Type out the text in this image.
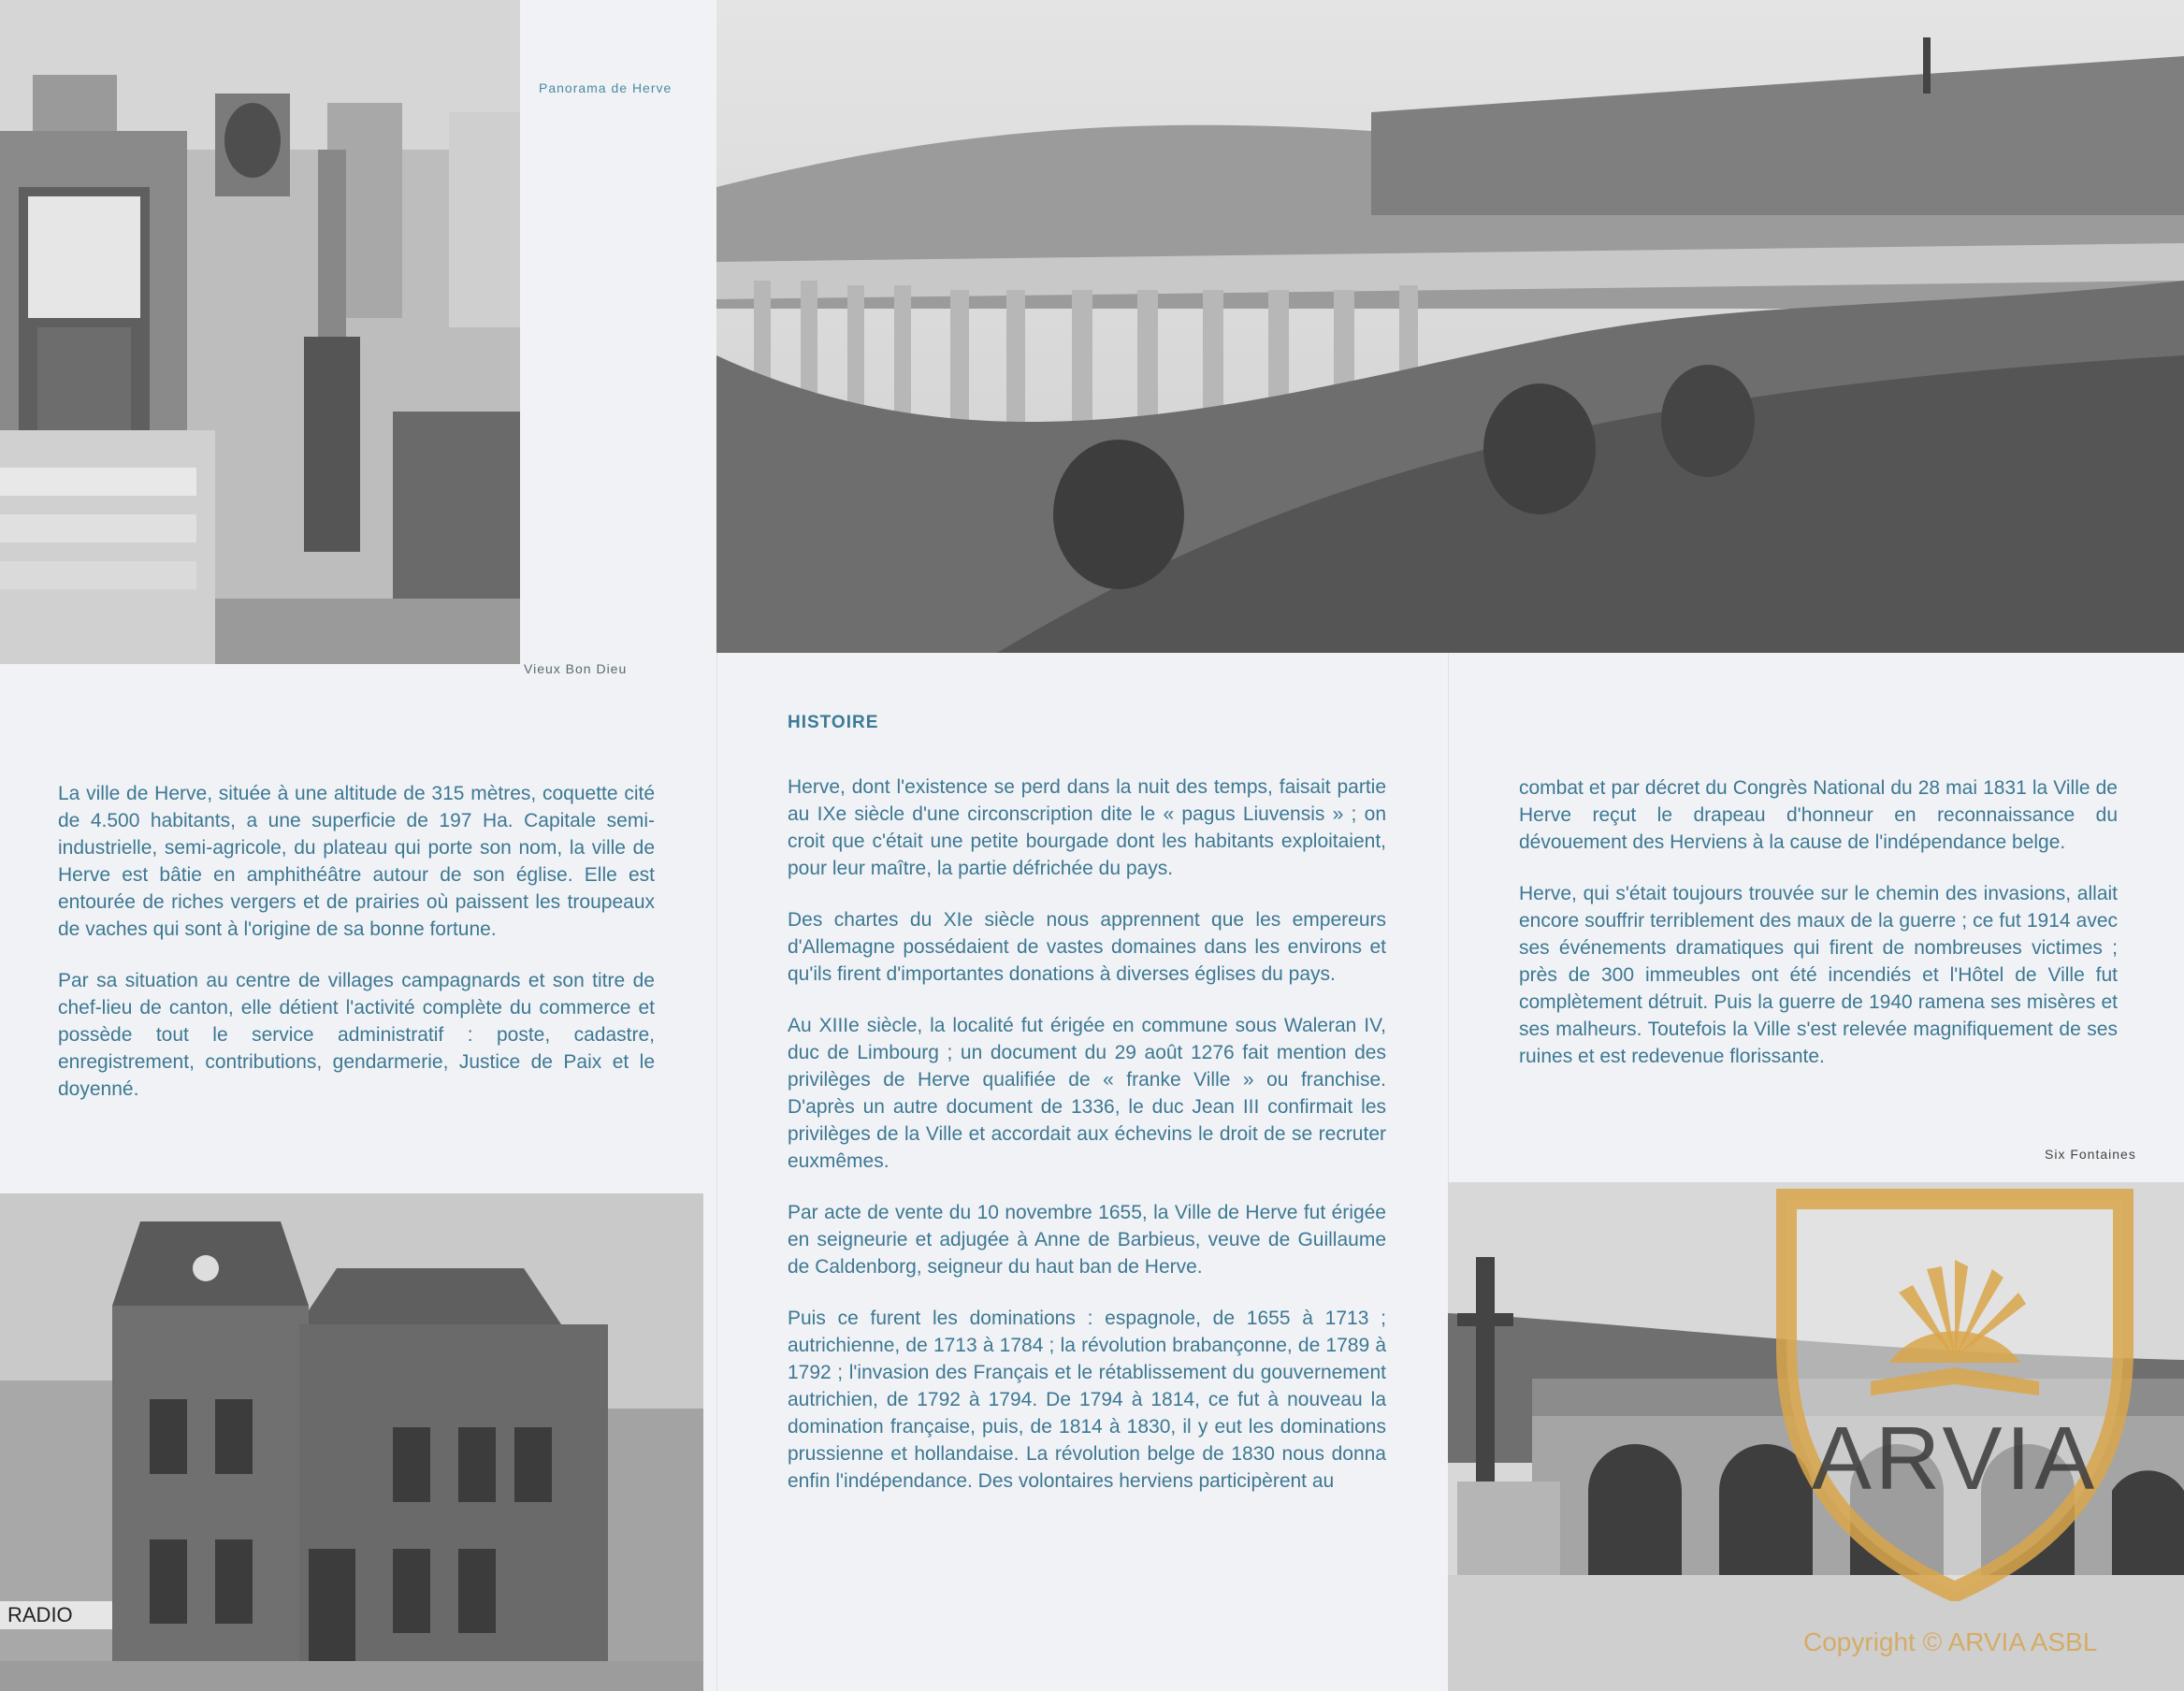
Vieux Bon Dieu
Panorama de Herve

La ville de Herve, située à une altitude de 315 mètres, coquette cité de 4.500 habitants, a une superficie de 197 Ha. Capitale semi-industrielle, semi-agricole, du plateau qui porte son nom, la ville de Herve est bâtie en amphithéâtre autour de son église. Elle est entourée de riches vergers et de prairies où paissent les troupeaux de vaches qui sont à l'origine de sa bonne fortune.

Par sa situation au centre de villages campagnards et son titre de chef-lieu de canton, elle détient l'activité complète du commerce et possède tout le service administratif : poste, cadastre, enregistrement, contributions, gendarmerie, Justice de Paix et le doyenné.

RADIO
HISTOIRE

Herve, dont l'existence se perd dans la nuit des temps, faisait partie au IXe siècle d'une circonscription dite le « pagus Liuvensis » ; on croit que c'était une petite bourgade dont les habitants exploitaient, pour leur maître, la partie défrichée du pays.

Des chartes du XIe siècle nous apprennent que les empereurs d'Allemagne possédaient de vastes domaines dans les environs et qu'ils firent d'importantes donations à diverses églises du pays.

Au XIIIe siècle, la localité fut érigée en commune sous Waleran IV, duc de Limbourg ; un document du 29 août 1276 fait mention des privilèges de Herve qualifiée de « franke Ville » ou franchise. D'après un autre document de 1336, le duc Jean III confirmait les privilèges de la Ville et accordait aux échevins le droit de se recruter euxmêmes.

Par acte de vente du 10 novembre 1655, la Ville de Herve fut érigée en seigneurie et adjugée à Anne de Barbieus, veuve de Guillaume de Caldenborg, seigneur du haut ban de Herve.

Puis ce furent les dominations : espagnole, de 1655 à 1713 ; autrichienne, de 1713 à 1784 ; la révolution brabançonne, de 1789 à 1792 ; l'invasion des Français et le rétablissement du gouvernement autrichien, de 1792 à 1794. De 1794 à 1814, ce fut à nouveau la domination française, puis, de 1814 à 1830, il y eut les dominations prussienne et hollandaise. La révolution belge de 1830 nous donna enfin l'indépendance. Des volontaires herviens participèrent au

combat et par décret du Congrès National du 28 mai 1831 la Ville de Herve reçut le drapeau d'honneur en reconnaissance du dévouement des Herviens à la cause de l'indépendance belge.

Herve, qui s'était toujours trouvée sur le chemin des invasions, allait encore souffrir terriblement des maux de la guerre ; ce fut 1914 avec ses événements dramatiques qui firent de nombreuses victimes ; près de 300 immeubles ont été incendiés et l'Hôtel de Ville fut complètement détruit. Puis la guerre de 1940 ramena ses misères et ses malheurs. Toutefois la Ville s'est relevée magnifiquement de ses ruines et est redevenue florissante.

Six Fontaines
ARVIA
Copyright © ARVIA ASBL
